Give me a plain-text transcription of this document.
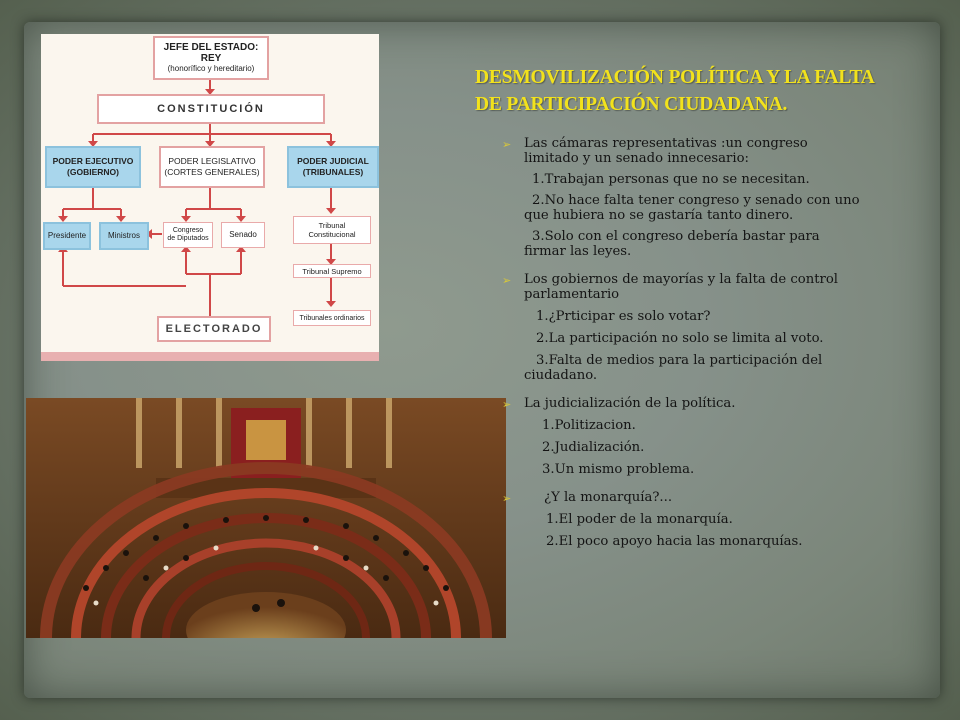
JEFE DEL ESTADO: REY
(honorífico y hereditario)
CONSTITUCIÓN
PODER EJECUTIVO
(GOBIERNO)
PODER LEGISLATIVO
(CORTES GENERALES)
PODER JUDICIAL
(TRIBUNALES)
Presidente	Ministros
Congreso
de Diputados	Senado
Tribunal
Constitucional
Tribunal Supremo
Tribunales ordinarios
ELECTORADO
DESMOVILIZACIÓN POLÍTICA Y LA FALTA
DE PARTICIPACIÓN CIUDADANA.
➢ Las cámaras representativas :un congreso limitado y un senado innecesario:
1.Trabajan personas que no se necesitan.
2.No hace falta tener congreso y senado con uno que hubiera no se gastaría tanto dinero.
3.Solo con el congreso debería bastar para firmar las leyes.
➢ Los gobiernos de mayorías y la falta de control parlamentario
1.¿Prticipar es solo votar?
2.La participación no solo se limita al voto.
3.Falta de medios para la participación del ciudadano.
➢ La judicialización de la política.
1.Politizacion.
2.Judialización.
3.Un mismo problema.
➢ ¿Y la monarquía?...
1.El poder de la monarquía.
2.El poco apoyo hacia las monarquías.
